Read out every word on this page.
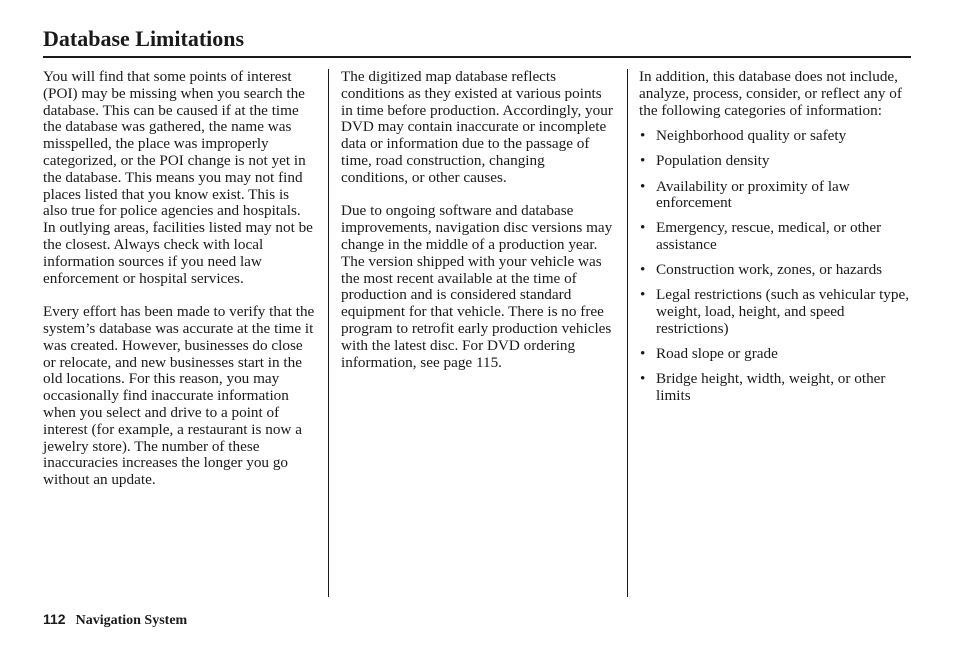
Database Limitations

You will find that some points of interest (POI) may be missing when you search the database. This can be caused if at the time the database was gathered, the name was misspelled, the place was improperly categorized, or the POI change is not yet in the database. This means you may not find places listed that you know exist. This is also true for police agencies and hospitals. In outlying areas, facilities listed may not be the closest. Always check with local information sources if you need law enforcement or hospital services.

Every effort has been made to verify that the system’s database was accurate at the time it was created. However, businesses do close or relocate, and new businesses start in the old locations. For this reason, you may occasionally find inaccurate information when you select and drive to a point of interest (for example, a restaurant is now a jewelry store). The number of these inaccuracies increases the longer you go without an update.

The digitized map database reflects conditions as they existed at various points in time before production. Accordingly, your DVD may contain inaccurate or incomplete data or information due to the passage of time, road construction, changing conditions, or other causes.

Due to ongoing software and database improvements, navigation disc versions may change in the middle of a production year. The version shipped with your vehicle was the most recent available at the time of production and is considered standard equipment for that vehicle. There is no free program to retrofit early production vehicles with the latest disc. For DVD ordering information, see page 115.

In addition, this database does not include, analyze, process, consider, or reflect any of the following categories of information:

• Neighborhood quality or safety
• Population density
• Availability or proximity of law enforcement
• Emergency, rescue, medical, or other assistance
• Construction work, zones, or hazards
• Legal restrictions (such as vehicular type, weight, load, height, and speed restrictions)
• Road slope or grade
• Bridge height, width, weight, or other limits
112 Navigation System
